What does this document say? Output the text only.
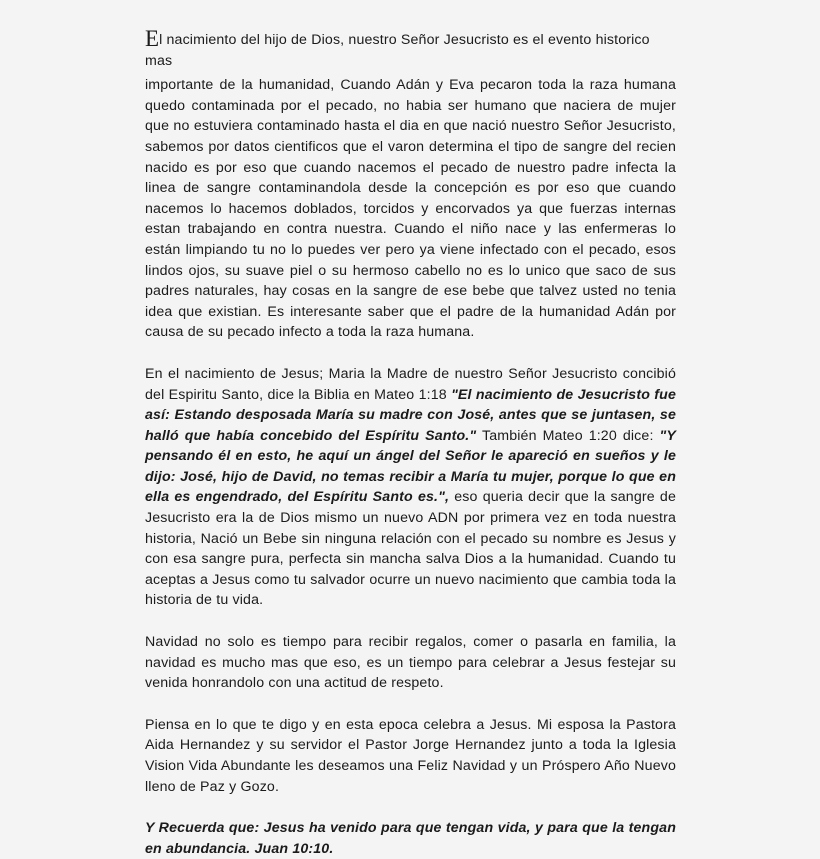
El nacimiento del hijo de Dios, nuestro Señor Jesucristo es el evento historico mas
importante de la humanidad, Cuando Adán y Eva pecaron toda la raza humana quedo contaminada por el pecado, no habia ser humano que naciera de mujer que no estuviera contaminado hasta el dia en que nació nuestro Señor Jesucristo, sabemos por datos cientificos que el varon determina el tipo de sangre del recien nacido es por eso que cuando nacemos el pecado de nuestro padre infecta la linea de sangre contaminandola desde la concepción es por eso que cuando nacemos lo hacemos doblados, torcidos y encorvados ya que fuerzas internas estan trabajando en contra nuestra. Cuando el niño nace y las enfermeras lo están limpiando tu no lo puedes ver pero ya viene infectado con el pecado, esos lindos ojos, su suave piel o su hermoso cabello no es lo unico que saco de sus padres naturales, hay cosas en la sangre de ese bebe que talvez usted no tenia idea que existian. Es interesante saber que el padre de la humanidad Adán por causa de su pecado infecto a toda la raza humana.

En el nacimiento de Jesus; Maria la Madre de nuestro Señor Jesucristo concibió del Espiritu Santo, dice la Biblia en Mateo 1:18 "El nacimiento de Jesucristo fue así: Estando desposada María su madre con José, antes que se juntasen, se halló que había concebido del Espíritu Santo." También Mateo 1:20 dice: "Y pensando él en esto, he aquí un ángel del Señor le apareció en sueños y le dijo: José, hijo de David, no temas recibir a María tu mujer, porque lo que en ella es engendrado, del Espíritu Santo es.", eso queria decir que la sangre de Jesucristo era la de Dios mismo un nuevo ADN por primera vez en toda nuestra historia, Nació un Bebe sin ninguna relación con el pecado su nombre es Jesus y con esa sangre pura, perfecta sin mancha salva Dios a la humanidad. Cuando tu aceptas a Jesus como tu salvador ocurre un nuevo nacimiento que cambia toda la historia de tu vida.

Navidad no solo es tiempo para recibir regalos, comer o pasarla en familia, la navidad es mucho mas que eso, es un tiempo para celebrar a Jesus festejar su venida honrandolo con una actitud de respeto.

Piensa en lo que te digo y en esta epoca celebra a Jesus. Mi esposa la Pastora Aida Hernandez y su servidor el Pastor Jorge Hernandez junto a toda la Iglesia Vision Vida Abundante les deseamos una Feliz Navidad y un Próspero Año Nuevo lleno de Paz y Gozo.

Y Recuerda que: Jesus ha venido para que tengan vida, y para que la tengan en abundancia. Juan 10:10.
